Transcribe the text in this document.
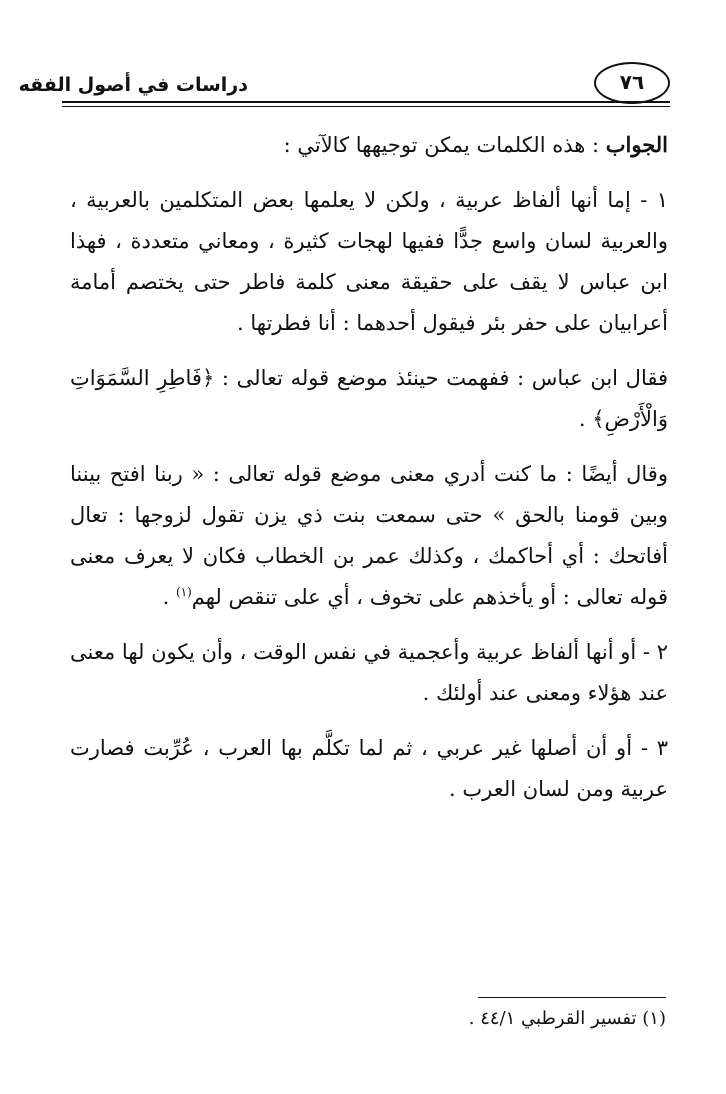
دراسات في أصول الفقه	٧٦

الجواب : هذه الكلمات يمكن توجيهها كالآتي :

١ - إما أنها ألفاظ عربية ، ولكن لا يعلمها بعض المتكلمين بالعربية ، والعربية لسان واسع جدًّا ففيها لهجات كثيرة ، ومعاني متعددة ، فهذا ابن عباس لا يقف على حقيقة معنى كلمة فاطر حتى يختصم أمامة أعرابيان على حفر بئر فيقول أحدهما : أنا فطرتها .

فقال ابن عباس : ففهمت حينئذ موضع قوله تعالى : ﴿فَاطِرِ السَّمَوَاتِ وَالْأَرْضِ﴾ .

وقال أيضًا : ما كنت أدري معنى موضع قوله تعالى : « ربنا افتح بيننا وبين قومنا بالحق » حتى سمعت بنت ذي يزن تقول لزوجها : تعال أفاتحك : أي أحاكمك ، وكذلك عمر بن الخطاب فكان لا يعرف معنى قوله تعالى : أو يأخذهم على تخوف ، أي على تنقص لهم$^{(١)}$ .

٢ - أو أنها ألفاظ عربية وأعجمية في نفس الوقت ، وأن يكون لها معنى عند هؤلاء ومعنى عند أولئك .

٣ - أو أن أصلها غير عربي ، ثم لما تكلَّم بها العرب ، عُرِّبت فصارت عربية ومن لسان العرب .

(١) تفسير القرطبي ٤٤/١ .
